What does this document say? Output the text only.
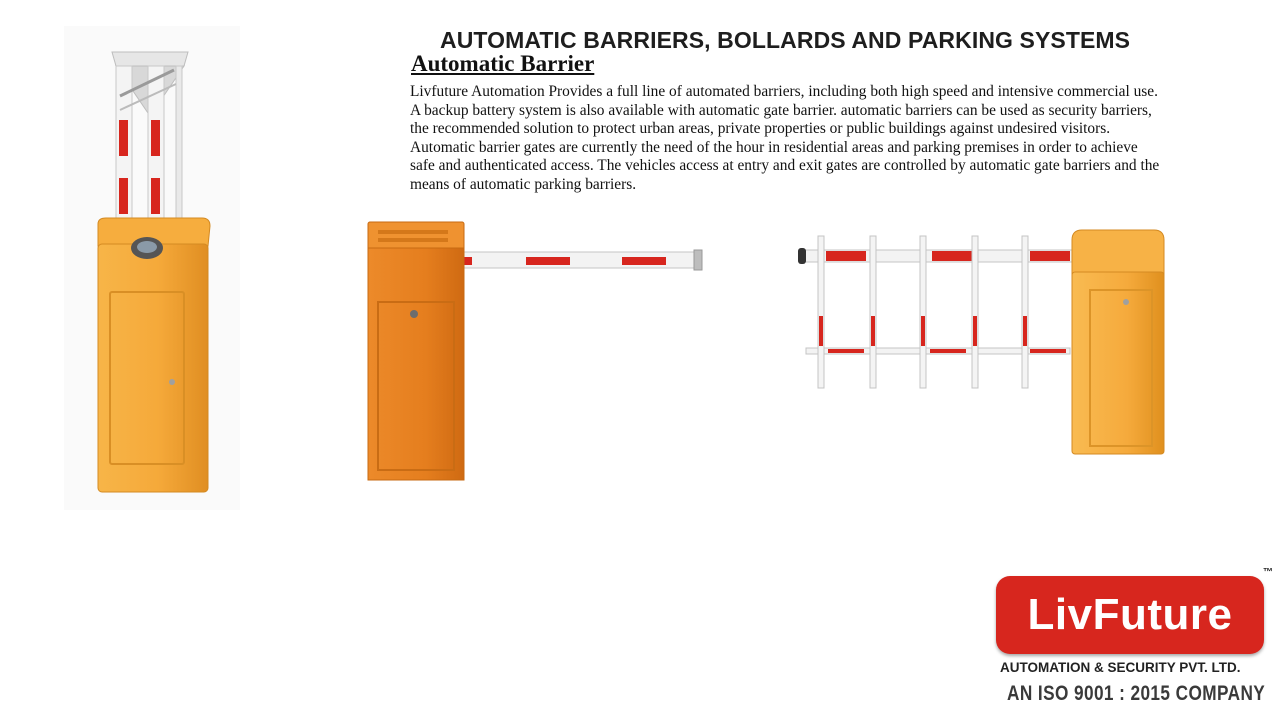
AUTOMATIC BARRIERS, BOLLARDS AND PARKING SYSTEMS
Automatic Barrier
Livfuture Automation Provides a full line of automated barriers, including both high speed and intensive commercial use.
A backup battery system is also available with automatic gate barrier. automatic barriers can be used as security barriers,
the recommended solution to protect urban areas, private properties or public buildings against undesired visitors.
Automatic barrier gates are currently the need of the hour in residential areas and parking premises in order to achieve
safe and authenticated access. The vehicles access at entry and exit gates are controlled by automatic gate barriers and the
means of automatic parking barriers.
LivFuture
™
AUTOMATION & SECURITY PVT. LTD.
AN ISO 9001 : 2015 COMPANY
